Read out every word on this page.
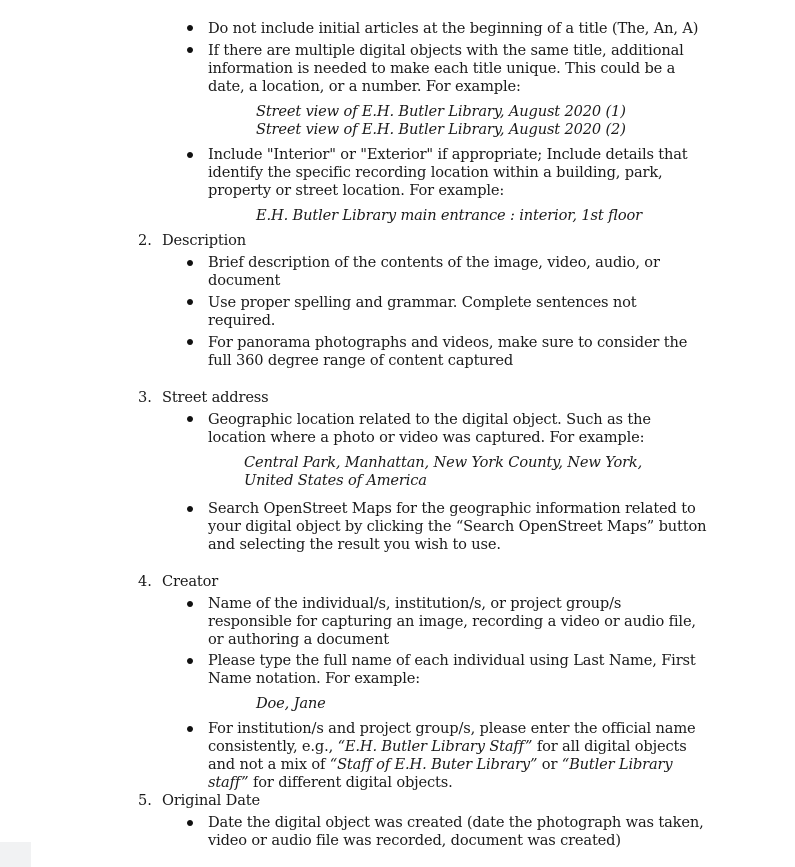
Do not include initial articles at the beginning of a title (The, An, A)
If there are multiple digital objects with the same title, additional
information is needed to make each title unique. This could be a
date, a location, or a number. For example:
Street view of E.H. Butler Library, August 2020 (1)
Street view of E.H. Butler Library, August 2020 (2)
Include "Interior" or "Exterior" if appropriate; Include details that
identify the specific recording location within a building, park,
property or street location. For example:
E.H. Butler Library main entrance : interior, 1st floor
2. Description
Brief description of the contents of the image, video, audio, or
document
Use proper spelling and grammar. Complete sentences not
required.
For panorama photographs and videos, make sure to consider the
full 360 degree range of content captured
3. Street address
Geographic location related to the digital object. Such as the
location where a photo or video was captured. For example:
Central Park, Manhattan, New York County, New York,
United States of America
Search OpenStreet Maps for the geographic information related to
your digital object by clicking the “Search OpenStreet Maps” button
and selecting the result you wish to use.
4. Creator
Name of the individual/s, institution/s, or project group/s
responsible for capturing an image, recording a video or audio file,
or authoring a document
Please type the full name of each individual using Last Name, First
Name notation. For example:
Doe, Jane
For institution/s and project group/s, please enter the official name
consistently, e.g., “E.H. Butler Library Staff” for all digital objects
and not a mix of “Staff of E.H. Buter Library” or “Butler Library
staff” for different digital objects.
5. Original Date
Date the digital object was created (date the photograph was taken,
video or audio file was recorded, document was created)
